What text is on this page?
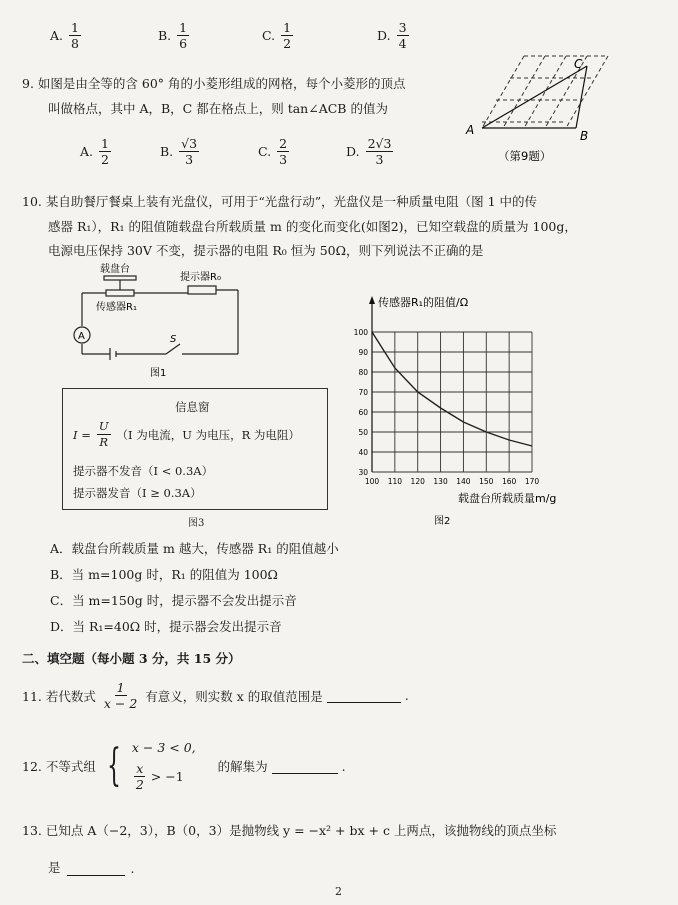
A. $\frac{1}{8}$	B. $\frac{1}{6}$	C. $\frac{1}{2}$	D. $\frac{3}{4}$
9. 如图是由全等的含 60° 角的小菱形组成的网格，每个小菱形的顶点
叫做格点，其中 A，B，C 都在格点上，则 tan∠ACB 的值为
A. $\frac{1}{2}$	B. $\frac{√3}{3}$	C. $\frac{2}{3}$	D. $\frac{2√3}{3}$
A	B
C
（第9题）
10. 某自助餐厅餐桌上装有光盘仪，可用于“光盘行动”，光盘仪是一种质量电阻（图 1 中的传
感器 R₁），R₁ 的阻值随载盘台所载质量 m 的变化而变化(如图2)，已知空载盘的质量为 100g，
电源电压保持 30V 不变，提示器的电阻 R₀ 恒为 50Ω，则下列说法不正确的是
A	S
载盘台
提示器R₀
传感器R₁
图1
信息窗
$I = \frac{U}{R} (I$ 为电流，U 为电压，R 为电阻）
提示器不发音（I < 0.3A）
提示器发音（I ≥ 0.3A）
图3
100 110 120 130 140 150 160 170
30
40
50
60
70
80
90
100
传感器R₁的阻值/Ω
载盘台所载质量m/g
图2
A．载盘台所载质量 m 越大，传感器 R₁ 的阻值越小
B．当 m=100g 时，R₁ 的阻值为 100Ω
C．当 m=150g 时，提示器不会发出提示音
D．当 R₁=40Ω 时，提示器会发出提示音
二、填空题（每小题 3 分，共 15 分）
11. 若代数式 $\frac{1}{x - 2}$ 有意义，则实数 x 的取值范围是	.
12. 不等式组 { x − 3 < 0,
$\frac{x}{2} > -1$
的解集为	.
13. 已知点 A（−2，3），B（0，3）是抛物线 y = −x² + bx + c 上两点，该抛物线的顶点坐标
是	.
2
